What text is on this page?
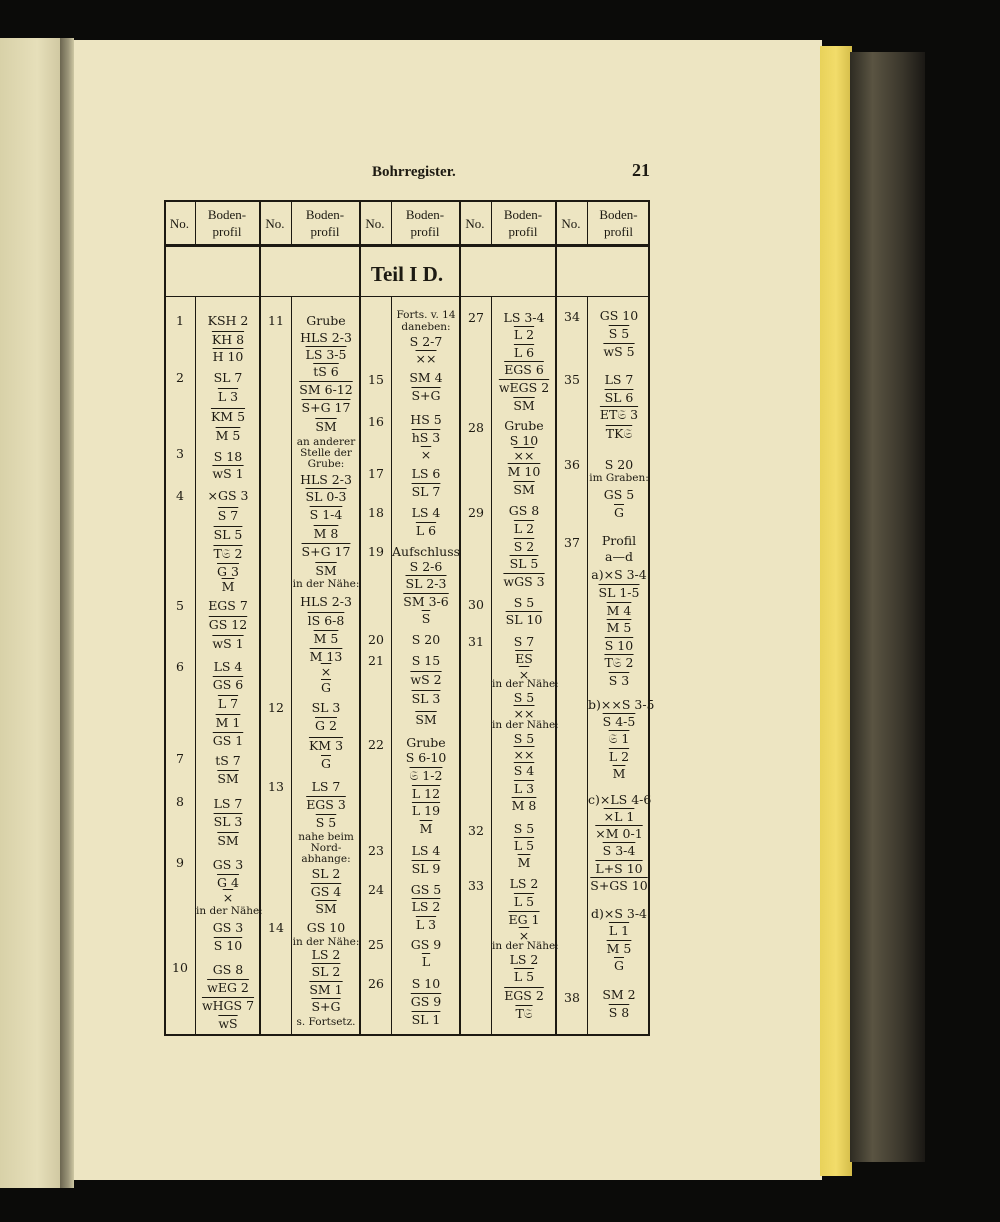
Bohrregister.	21
No.
Boden-
profil
No.
Boden-
profil
No.
Boden-
profil
No.
Boden-
profil
No.
Boden-
profil
Teil I D.
1
2
3
4
5
6
7
8
9
10
KSH 2
KH 8
H 10
SL 7
L 3
KM 5
M 5
S 18
wS 1
×GS 3
S 7
SL 5
T𝔖 2
G 3
$\overline{M}$
EGS 7
GS 12
wS 1
LS 4
GS 6
L 7
M 1
GS 1
tS 7
$\overline{SM}$
LS 7
SL 3
$\overline{SM}$
GS 3
G 4
×
in der Nähe:
GS 3
S 10
GS 8
wEG 2
wHGS 7
$\overline{wS}$
11
12
13
14
Grube
HLS 2-3
LS 3-5
tS 6
SM 6-12
S+G 17
$\overline{SM}$
an anderer
Stelle der
Grube:
HLS 2-3
SL 0-3
S 1-4
M 8
S+G 17
$\overline{SM}$
in der Nähe:
HLS 2-3
lS 6-8
M 5
M 13
×
$\overline{G}$
SL 3
G 2
KM 3
$\overline{G}$
LS 7
EGS 3
S 5
nahe beim
Nord-
abhange:
SL 2
GS 4
$\overline{SM}$
GS 10
in der Nähe:
LS 2
SL 2
SM 1
S+G
s. Fortsetz.
15
16
17
18
19
20
21
22
23
24
25
26
Forts. v. 14
daneben:
S 2-7
××
SM 4
S+G
HS 5
hS 3
×
LS 6
SL 7
LS 4
L 6
Aufschluss
S 2-6
SL 2-3
SM 3-6
$\overline{S}$
S 20
S 15
wS 2
SL 3
$\overline{SM}$
Grube
S 6-10
𝔖 1-2
L 12
L 19
$\overline{M}$
LS 4
SL 9
GS 5
LS 2
L 3
GS 9
$\overline{L}$
S 10
GS 9
SL 1
27
28
29
30
31
32
33
LS 3-4
L 2
L 6
EGS 6
wEGS 2
$\overline{SM}$
Grube
S 10
××
M 10
$\overline{SM}$
GS 8
L 2
S 2
SL 5
wGS 3
S 5
SL 10
S 7
$\overline{ES}$
×
in der Nähe:
S 5
××
in der Nähe:
S 5
××
S 4
L 3
M 8
S 5
L 5
$\overline{M}$
LS 2
L 5
EG 1
×
in der Nähe:
LS 2
L 5
EGS 2
T𝔖
34
35
36
37
38
GS 10
S 5
wS 5
LS 7
SL 6
ET𝔖 3
TK𝔖
S 20
im Graben:
GS 5
$\overline{G}$
Profil
a—d
a)×S 3-4
SL 1-5
M 4
M 5
S 10
T𝔖 2
S 3
b)××S 3-5
S 4-5
𝔖 1
L 2
$\overline{M}$
c)×LS 4-6
×L 1
×M 0-1
S 3-4
L+S 10
S+GS 10
d)×S 3-4
L 1
M 5
$\overline{G}$
SM 2
S 8
